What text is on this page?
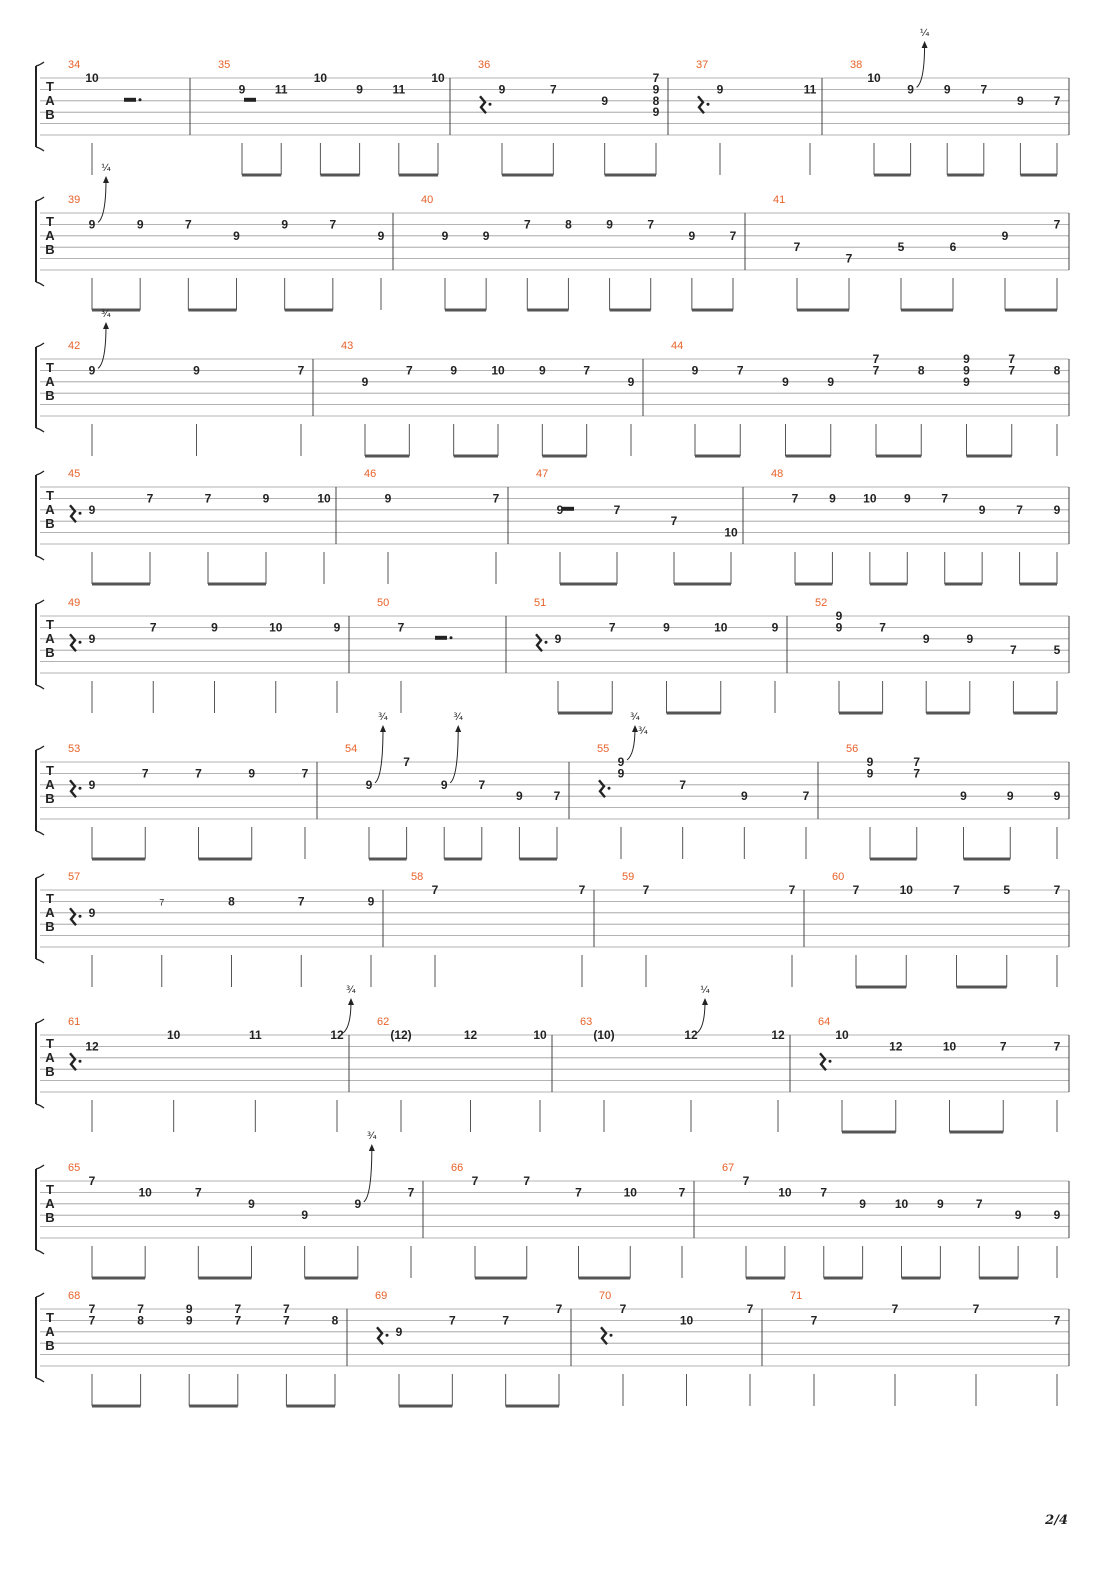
T
A
B
34
10
35
9 11
10
9 11
10
36
9	7
9
7
9
8
9
37
9	11
38
10
9
¼
9 7
9 7
T
A
B
39
9
¼
9	7
9
9	7
9
40
9	9
7	8	9	7
9	7
41
7
7
5	6
9
7
T
A
B
42
9
¾
9	7
43
9
7	9	10	9	7
9
44
9	7
9	9
7
7	8
9
9
9
7
7	8
T
A
B
45
9
7	7	9	10
46
9	7
47
9	7
7
10
48
7	9 10 9	7
9	7	9
T
A
B
49
9
7	9	10	9
50
7
51
9
7	9	10	9
52
9
9	7
9	9
7	5
T
A
B
53
9
7	7	9	7
54
9
¾
7
9
¾
7
9	7
55
9
9
¾
¾
7
9	7
56
9
9
7
7
9	9	9
T
A
B
57
9
7	8	7	9
58
7	7
59
7	7
60
7	10	7	5	7
T
A
B
61
12
10	11	12
¾
62
(12)	12	10
63
(10)	12
¼
12
64
10
12	10	7	7
T
A
B
65
7
10	7
9
9
9
¾
7
66
7	7
7	10	7
67
7
10 7
9 10 9	7
9	9
T
A
B
68
7
7
7
8
9
9
7
7
7
7	8
69
9
7	7
7
70
7
10
7
71
7
7	7
7
2/4
